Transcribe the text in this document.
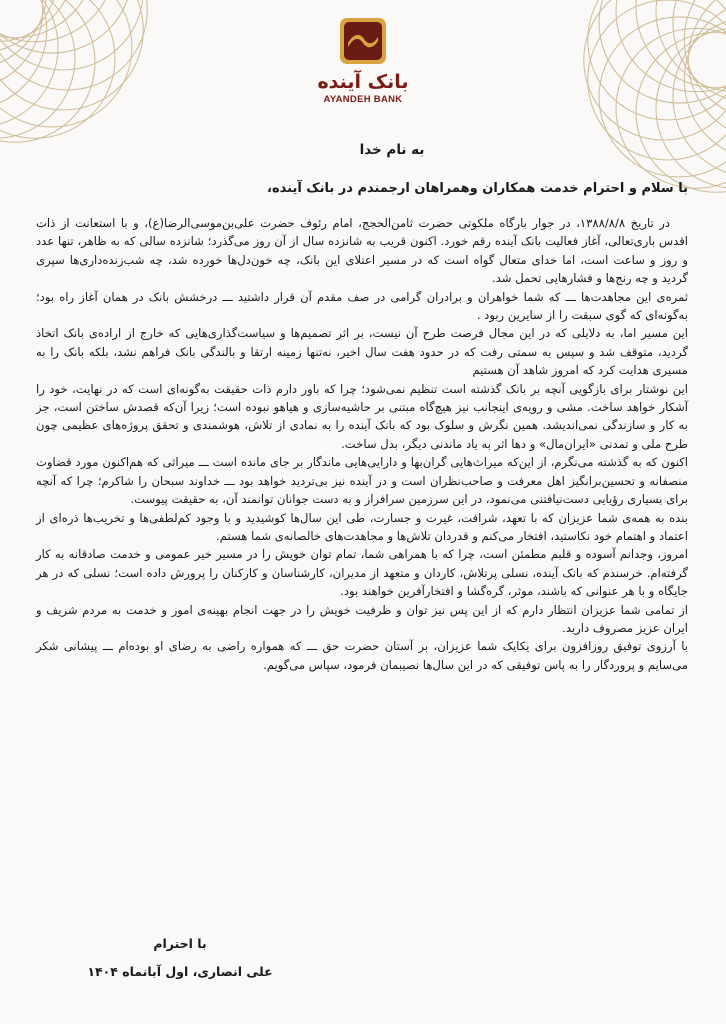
بانک آینده
AYANDEH BANK
به نام خدا
با سلام و احترام خدمت همکاران وهمراهان ارجمندم در بانک آینده،

در تاریخ ۱۳۸۸/۸/۸، در جوار بارگاه ملکوتی حضرت ثامن‌الحجج، امام رئوف حضرت علی‌بن‌موسی‌الرضا(ع)، و با استعانت از ذات اقدس باری‌تعالی، آغاز فعالیت بانک آینده رقم خورد. اکنون قریب به شانزده سال از آن روز می‌گذرد؛ شانزده سالی که به ظاهر، تنها عدد و روز و ساعت است، اما خدای متعال گواه است که در مسیر اعتلای این بانک، چه خون‌دل‌ها خورده شد، چه شب‌زنده‌داری‌ها سپری گردید و چه رنج‌ها و فشارهایی تحمل شد.

ثمره‌ی این مجاهدت‌ها ـــ که شما خواهران و برادران گرامی در صف مقدم آن قرار داشتید ـــ درخشش بانک در همان آغاز راه بود؛ به‌گونه‌ای که گوی سبقت را از سایرین ربود .

این مسیر اما، به دلایلی که در این مجال فرصت طرح آن نیست، بر اثر تصمیم‌ها و سیاست‌گذاری‌هایی که خارج از اراده‌ی بانک اتخاذ گردید، متوقف شد و سپس به سمتی رفت که در حدود هفت سال اخیر، نه‌تنها زمینه ارتقا و بالندگی بانک فراهم نشد، بلکه بانک را به مسیری هدایت کرد که امروز شاهد آن هستیم

این نوشتار برای بازگویی آنچه بر بانک گذشته است تنظیم نمی‌شود؛ چرا که باور دارم ذات حقیقت به‌گونه‌ای است که در نهایت، خود را آشکار خواهد ساخت. مشی و رویه‌ی اینجانب نیز هیچ‌گاه مبتنی بر حاشیه‌سازی و هیاهو نبوده است؛ زیرا آن‌که قصدش ساختن است، جز به کار و سازندگی نمی‌اندیشد. همین نگرش و سلوک بود که بانک آینده را به نمادی از تلاش، هوشمندی و تحقق پروژه‌های عظیمی چون طرح ملی و تمدنی «ایران‌مال» و دها اثر به یاد ماندنی دیگر، بدل ساخت.

اکنون که به گذشته می‌نگرم، از این‌که میراث‌هایی گران‌بها و دارایی‌هایی ماندگار بر جای مانده است ـــ میراثی که هم‌اکنون مورد قضاوت منصفانه و تحسین‌برانگیز اهل معرفت و صاحب‌نظران است و در آینده نیز بی‌تردید خواهد بود ـــ خداوند سبحان را شاکرم؛ چرا که آنچه برای بسیاری رؤیایی دست‌نیافتنی می‌نمود، در این سرزمین سرافراز و به دست جوانان توانمند آن، به حقیقت پیوست.

بنده به همه‌ی شما عزیزان که با تعهد، شرافت، غیرت و جسارت، طی این سال‌ها کوشیدید و با وجود کم‌لطفی‌ها و تخریب‌ها ذره‌ای از اعتماد و اهتمام خود نکاستید، افتخار می‌کنم و قدردان تلاش‌ها و مجاهدت‌های خالصانه‌ی شما هستم.

امروز، وجدانم آسوده و قلبم مطمئن است، چرا که با همراهی شما، تمام توان خویش را در مسیر خیر عمومی و خدمت صادقانه به کار گرفته‌ام. خرسندم که بانک آینده، نسلی پرتلاش، کاردان و متعهد از مدیران، کارشناسان و کارکنان را پرورش داده است؛ نسلی که در هر جایگاه و با هر عنوانی که باشند، موثر، گره‌گشا و افتخارآفرین خواهند بود.

از تمامی شما عزیزان انتظار دارم که از این پس نیز توان و ظرفیت خویش را در جهت انجام بهینه‌ی امور و خدمت به مردم شریف و ایران عزیز مصروف دارید.

با آرزوی توفیق روزافزون برای یکایک شما عزیزان، بر آستان حضرت حق ـــ که همواره راضی به رضای او بوده‌ام ـــ پیشانی شکر می‌سایم و پروردگار را به پاس توفیقی که در این سال‌ها نصیبمان فرمود، سپاس می‌گویم.

با احترام
علی انصاری، اول آبانماه ۱۴۰۴
